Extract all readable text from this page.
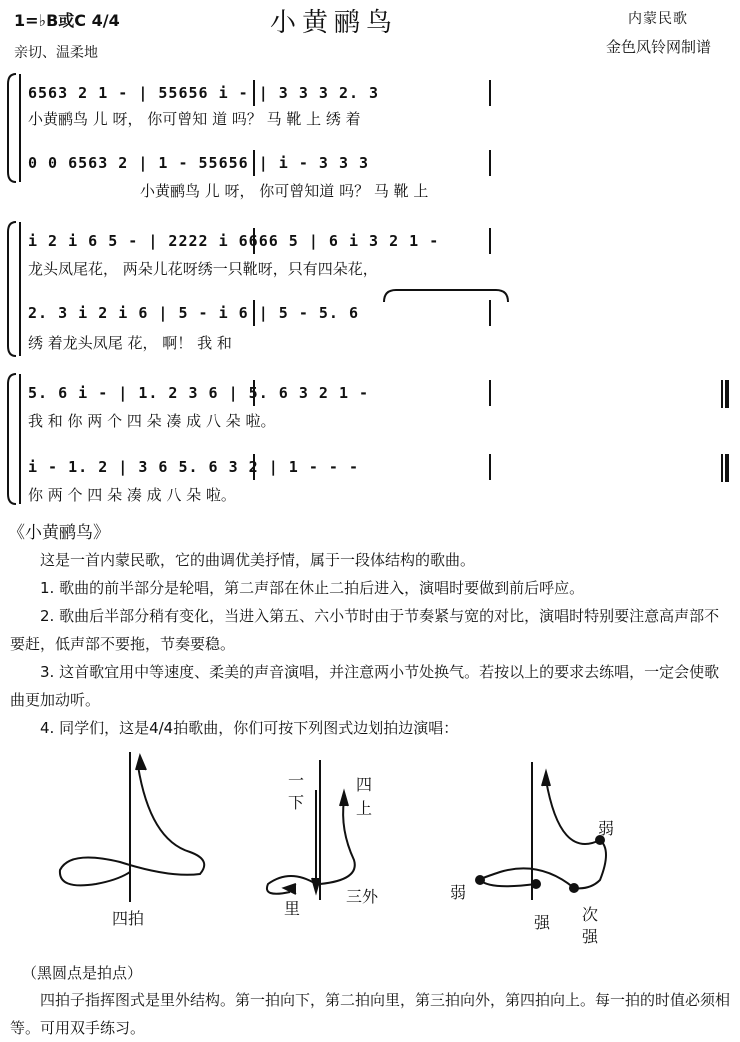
1=♭B或C 4/4	小黄鹂鸟	内蒙民歌
金色风铃网制谱
亲切、温柔地
6563 2 1 - | 55656 i - | 3 3 3 2. 3
小黄鹂鸟 儿 呀， 你可曾知 道 吗？ 马 靴 上 绣 着
0 0 6563 2 | 1 - 55656 | i - 3 3 3
小黄鹂鸟 儿 呀， 你可曾知道 吗？ 马 靴 上
i 2 i 6 5 - | 2222 i 6666 5 | 6 i 3 2 1 -
龙头凤尾花， 两朵儿花呀绣一只靴呀，只有四朵花，
2. 3 i 2 i 6 | 5 - i 6 | 5 - 5. 6
绣 着龙头凤尾 花， 啊！ 我 和
5. 6 i - | 1. 2 3 6 | 5. 6 3 2 1 -
我 和 你 两 个 四 朵 凑 成 八 朵 啦。
i - 1. 2 | 3 6 5. 6 3 2 | 1 - - -
你 两 个 四 朵 凑 成 八 朵 啦。
《小黄鹂鸟》
这是一首内蒙民歌，它的曲调优美抒情，属于一段体结构的歌曲。
1. 歌曲的前半部分是轮唱，第二声部在休止二拍后进入，演唱时要做到前后呼应。
2. 歌曲后半部分稍有变化，当进入第五、六小节时由于节奏紧与宽的对比，演唱时特别要注意高声部不要赶，低声部不要拖，节奏要稳。
3. 这首歌宜用中等速度、柔美的声音演唱，并注意两小节处换气。若按以上的要求去练唱，一定会使歌曲更加动听。
4. 同学们，这是4/4拍歌曲，你们可按下列图式边划拍边演唱：
四拍
一
下
四
上
里
三外
弱
弱
强 次
强
（黑圆点是拍点）
四拍子指挥图式是里外结构。第一拍向下，第二拍向里，第三拍向外，第四拍向上。每一拍的时值必须相等。可用双手练习。
